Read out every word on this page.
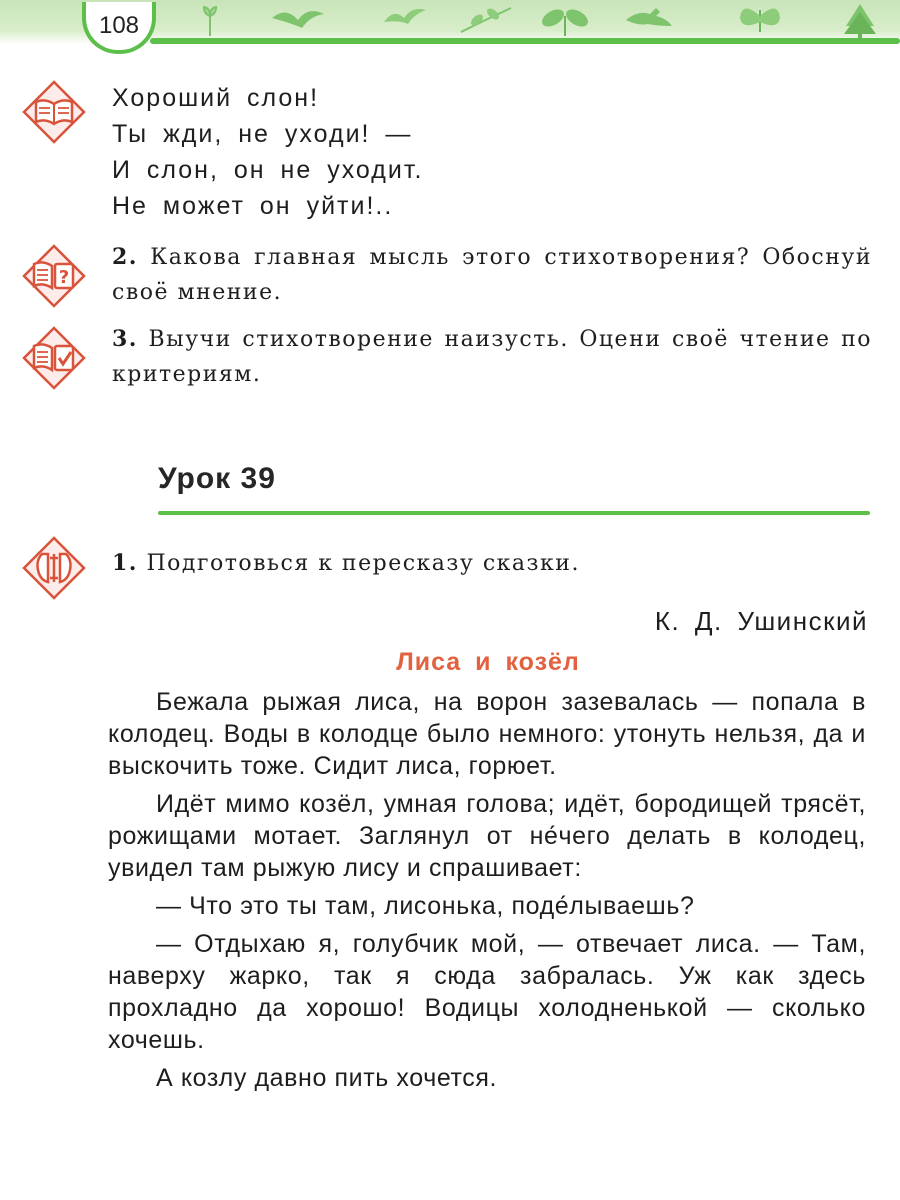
108
?
Хороший слон!
Ты жди, не уходи! —
И слон, он не уходит.
Не может он уйти!..
2. Какова главная мысль этого стихотворения? Обоснуй своё мнение.
3. Выучи стихотворение наизусть. Оцени своё чтение по критериям.
Урок 39
1. Подготовься к пересказу сказки.
К. Д. Ушинский
Лиса и козёл

Бежала рыжая лиса, на ворон зазевалась — попала в колодец. Воды в колодце было немного: утонуть нельзя, да и выскочить тоже. Сидит лиса, горюет.

Идёт мимо козёл, умная голова; идёт, бородищей трясёт, рожищами мотает. Заглянул от не́чего делать в колодец, увидел там рыжую лису и спрашивает:

— Что это ты там, лисонька, поде́лываешь?

— Отдыхаю я, голубчик мой, — отвечает лиса. — Там, наверху жарко, так я сюда забралась. Уж как здесь прохладно да хорошо! Водицы холодненькой — сколько хочешь.

А козлу давно пить хочется.
